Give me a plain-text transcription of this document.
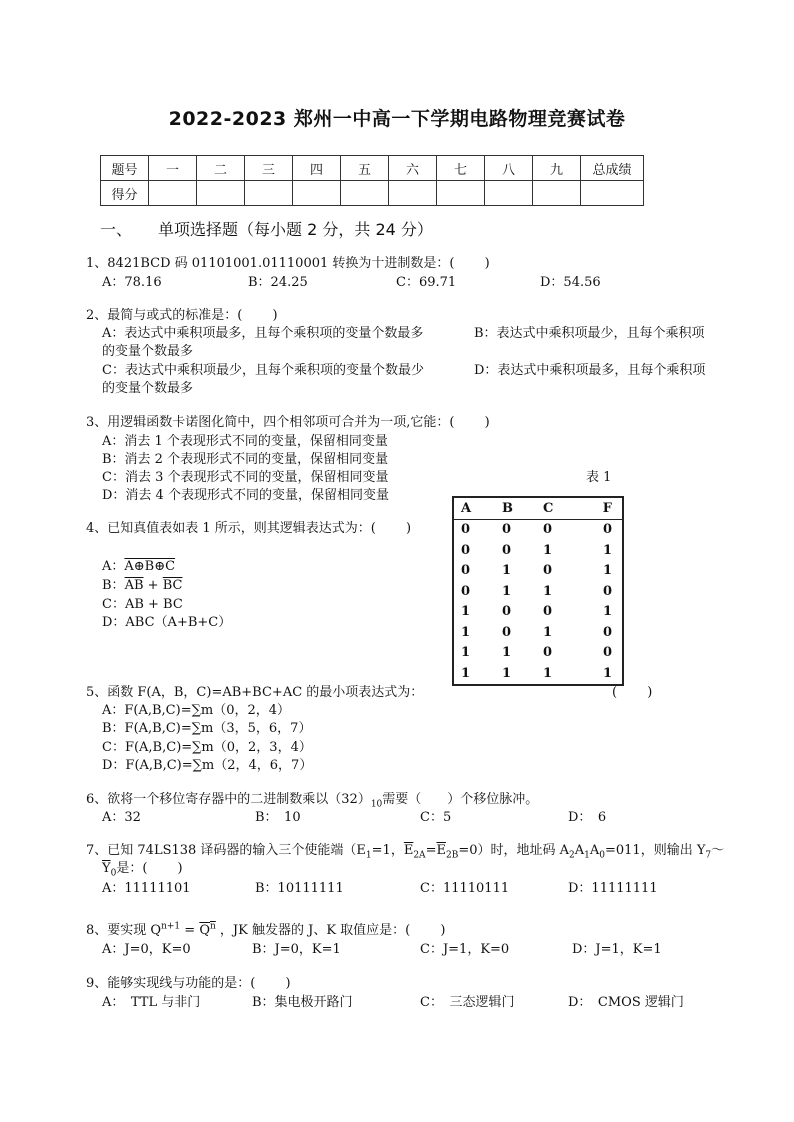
2022-2023 郑州一中高一下学期电路物理竞赛试卷
题号	一	二	三	四	五	六	七	八	九	总成绩
得分										
一、 单项选择题（每小题 2 分，共 24 分）
1、8421BCD 码 01101001.01110001 转换为十进制数是：(　　 )
A：78.16	B：24.25	C：69.71	D：54.56
2、最简与或式的标准是：(　　 )
A：表达式中乘积项最多，且每个乘积项的变量个数最多	B：表达式中乘积项最少，且每个乘积项
的变量个数最多
C：表达式中乘积项最少，且每个乘积项的变量个数最少	D：表达式中乘积项最多，且每个乘积项
的变量个数最多
3、用逻辑函数卡诺图化简中，四个相邻项可合并为一项,它能：(　　 )
A：消去 1 个表现形式不同的变量，保留相同变量
B：消去 2 个表现形式不同的变量，保留相同变量
C：消去 3 个表现形式不同的变量，保留相同变量
D：消去 4 个表现形式不同的变量，保留相同变量
表 1
A	B	C	F
0	0	0	0
0	0	1	1
0	1	0	1
0	1	1	0
1	0	0	1
1	0	1	0
1	1	0	0
1	1	1	1
4、已知真值表如表 1 所示，则其逻辑表达式为：(　　 )
A：A⊕B⊕C
B：$\overline{AB} + \overline{BC}$
C：AB + BC
D：ABC（A+B+C）
5、函数 F(A，B，C)=AB+BC+AC 的最小项表达式为：	(　　 )
A：F(A,B,C)=∑m（0，2，4）
B：F(A,B,C)=∑m（3，5，6，7）
C：F(A,B,C)=∑m（0，2，3，4）
D：F(A,B,C)=∑m（2，4，6，7）
6、欲将一个移位寄存器中的二进制数乘以$(32)_{10}$需要（　　）个移位脉冲。
A：32	B：　10	C：5	D：　6
7、已知 74LS138 译码器的输入三个使能端（$E_1=1$，$\overline{E}_{2A}=\overline{E}_{2B}=0$）时，地址码 $A_2A_1A_0=011$，则输出 $Y_7\sim$
$\overline{Y}_0$是：(　　 )
A：11111101	B：10111111	C：11110111	D：11111111
8、要实现 $Q^{n+1} = \overline{Q}^{\overline{n}}$ ，JK 触发器的 J、K 取值应是：(　　 )
A：J=0，K=0	B：J=0，K=1	C：J=1，K=0	D：J=1，K=1
9、能够实现线与功能的是：(　　 )
A：　TTL 与非门	B：集电极开路门	C：　三态逻辑门	D：　CMOS 逻辑门
